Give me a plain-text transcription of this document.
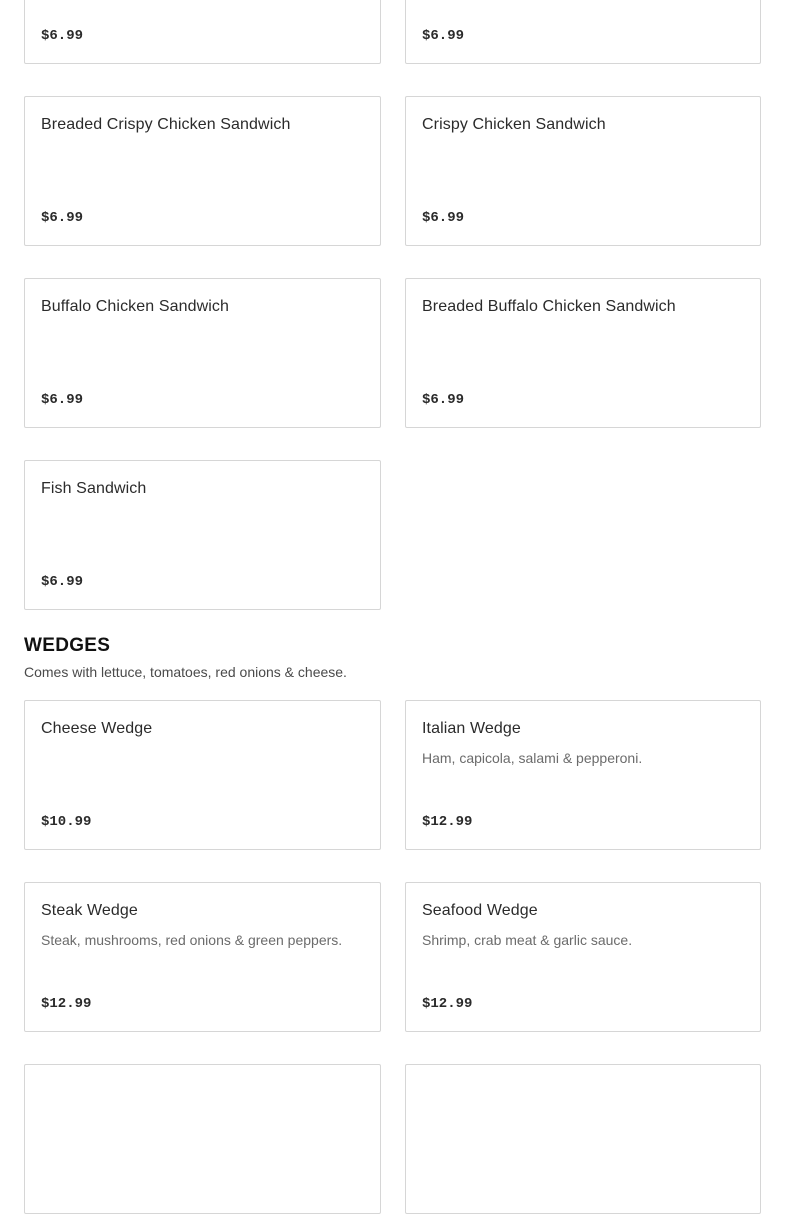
$6.99	$6.99
Breaded Crispy Chicken Sandwich
$6.99
Crispy Chicken Sandwich
$6.99
Buffalo Chicken Sandwich
$6.99
Breaded Buffalo Chicken Sandwich
$6.99
Fish Sandwich
$6.99
WEDGES
Comes with lettuce, tomatoes, red onions & cheese.
Cheese Wedge
$10.99
Italian Wedge
Ham, capicola, salami & pepperoni.
$12.99
Steak Wedge
Steak, mushrooms, red onions & green peppers.
$12.99
Seafood Wedge
Shrimp, crab meat & garlic sauce.
$12.99
